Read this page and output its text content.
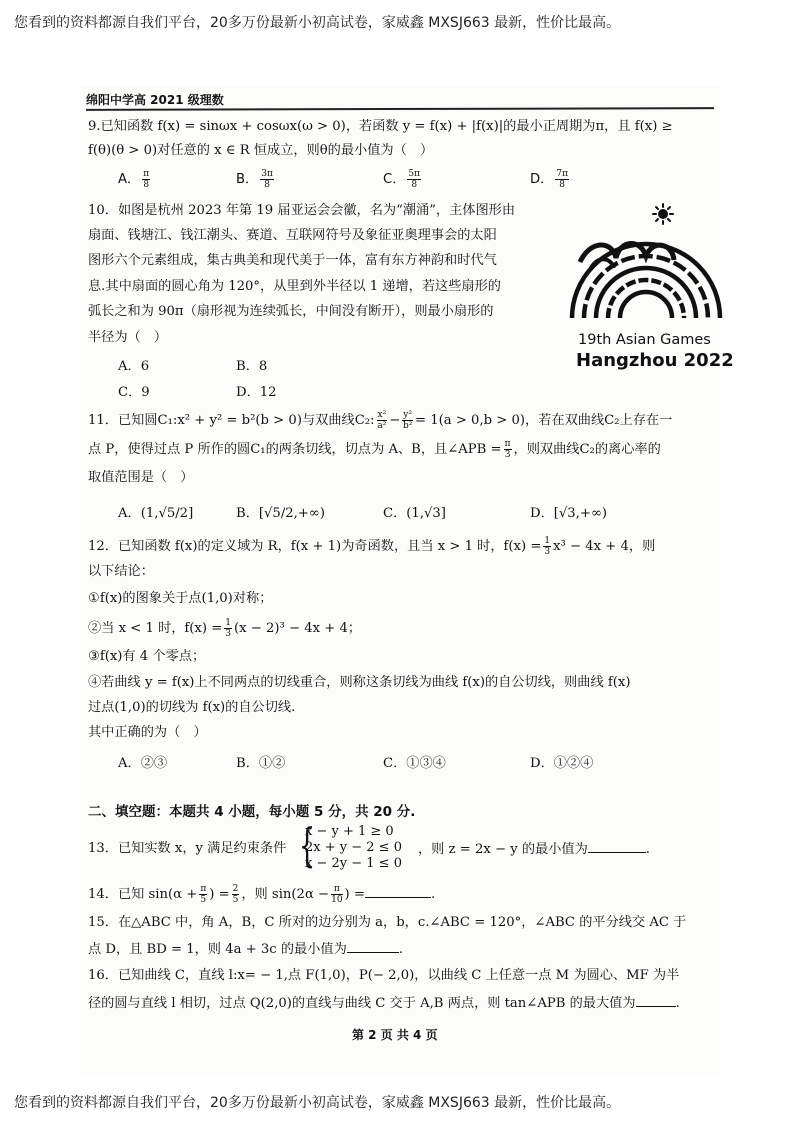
您看到的资料都源自我们平台，20多万份最新小初高试卷，家威鑫 MXSJ663 最新，性价比最高。
绵阳中学高 2021 级理数
9.已知函数 f(x) = sinωx + cosωx(ω > 0)，若函数 y = f(x) + |f(x)|的最小正周期为π，且 f(x) ≥
f(θ)(θ > 0)对任意的 x ∈ R 恒成立，则θ的最小值为（　）
A． $\frac{\pi}{8}$	B． $\frac{3\pi}{8}$	C． $\frac{5\pi}{8}$	D． $\frac{7\pi}{8}$
10．如图是杭州 2023 年第 19 届亚运会会徽，名为“潮涌”，主体图形由
扇面、钱塘江、钱江潮头、赛道、互联网符号及象征亚奥理事会的太阳
图形六个元素组成，集古典美和现代美于一体，富有东方神韵和时代气
息.其中扇面的圆心角为 120°，从里到外半径以 1 递增，若这些扇形的
弧长之和为 90π（扇形视为连续弧长，中间没有断开），则最小扇形的
半径为（　）
A．6	B．8
C．9	D．12
19th Asian Games
Hangzhou 2022
11．已知圆C₁:x² + y² = b²(b > 0)与双曲线C₂: $\frac{\text{x²}}{\text{a²}} - \frac{\text{y²}}{\text{b²}} = 1(a > 0,b > 0)$，若在双曲线C₂上存在一
点 P，使得过点 P 所作的圆C₁的两条切线，切点为 A、B，且∠APB = $\frac{\pi}{3}$ ，则双曲线C₂的离心率的
取值范围是（　）
A．(1,√5/2]	B．[√5/2,+∞)	C．(1,√3]	D．[√3,+∞)
12．已知函数 f(x)的定义域为 R，f(x + 1)为奇函数，且当 x > 1 时，$f(x) = \frac{1}{3} x^3 - 4x + 4$，则
以下结论：
①f(x)的图象关于点(1,0)对称；
②当 x < 1 时，$f(x) = \frac{1}{3} (x - 2)^3 - 4x + 4$；
③f(x)有 4 个零点；
④若曲线 y = f(x)上不同两点的切线重合，则称这条切线为曲线 f(x)的自公切线，则曲线 f(x)
过点(1,0)的切线为 f(x)的自公切线.
其中正确的为（　）
A．②③	B．①②	C．①③④	D．①②④
二、填空题：本题共 4 小题，每小题 5 分，共 20 分.
13．已知实数 x，y 满足约束条件 {
x − y + 1 ≥ 0
2x + y − 2 ≤ 0
x − 2y − 1 ≤ 0
，则 z = 2x − y 的最小值为	.
14．已知 $\sin(\alpha + \frac{\pi}{5}$ ) = $\frac{2}{5}$ ，则 $\sin(2\alpha - \frac{\pi}{10}$ ) =	.
15．在△ABC 中，角 A，B，C 所对的边分别为 a，b，c.∠ABC = 120°，∠ABC 的平分线交 AC 于
点 D，且 BD = 1，则 4a + 3c 的最小值为	.
16．已知曲线 C，直线 l:x= − 1,点 F(1,0)，P(− 2,0)，以曲线 C 上任意一点 M 为圆心、MF 为半
径的圆与直线 l 相切，过点 Q(2,0)的直线与曲线 C 交于 A,B 两点，则 tan∠APB 的最大值为	.
第 2 页 共 4 页
您看到的资料都源自我们平台，20多万份最新小初高试卷，家威鑫 MXSJ663 最新，性价比最高。
